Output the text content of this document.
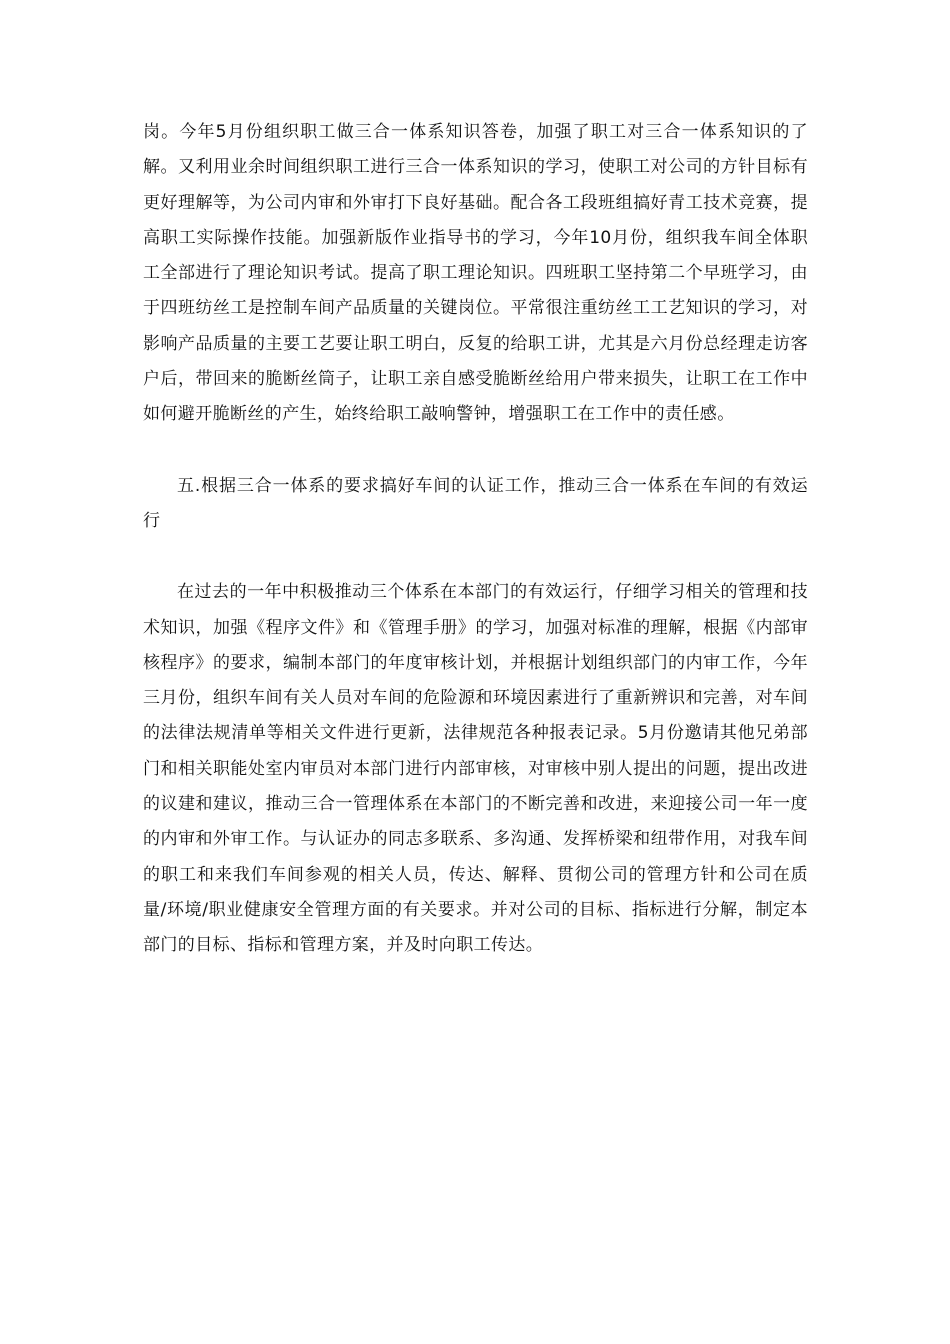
岗。今年5月份组织职工做三合一体系知识答卷，加强了职工对三合一体系知识的了解。又利用业余时间组织职工进行三合一体系知识的学习，使职工对公司的方针目标有更好理解等，为公司内审和外审打下良好基础。配合各工段班组搞好青工技术竞赛，提高职工实际操作技能。加强新版作业指导书的学习，今年10月份，组织我车间全体职工全部进行了理论知识考试。提高了职工理论知识。四班职工坚持第二个早班学习，由于四班纺丝工是控制车间产品质量的关键岗位。平常很注重纺丝工工艺知识的学习，对影响产品质量的主要工艺要让职工明白，反复的给职工讲，尤其是六月份总经理走访客户后，带回来的脆断丝筒子，让职工亲自感受脆断丝给用户带来损失，让职工在工作中如何避开脆断丝的产生，始终给职工敲响警钟，增强职工在工作中的责任感。

五.根据三合一体系的要求搞好车间的认证工作，推动三合一体系在车间的有效运行

在过去的一年中积极推动三个体系在本部门的有效运行，仔细学习相关的管理和技术知识，加强《程序文件》和《管理手册》的学习，加强对标准的理解，根据《内部审核程序》的要求，编制本部门的年度审核计划，并根据计划组织部门的内审工作，今年三月份，组织车间有关人员对车间的危险源和环境因素进行了重新辨识和完善，对车间的法律法规清单等相关文件进行更新，法律规范各种报表记录。5月份邀请其他兄弟部门和相关职能处室内审员对本部门进行内部审核，对审核中别人提出的问题，提出改进的议建和建议，推动三合一管理体系在本部门的不断完善和改进，来迎接公司一年一度的内审和外审工作。与认证办的同志多联系、多沟通、发挥桥梁和纽带作用，对我车间的职工和来我们车间参观的相关人员，传达、解释、贯彻公司的管理方针和公司在质量/环境/职业健康安全管理方面的有关要求。并对公司的目标、指标进行分解，制定本部门的目标、指标和管理方案，并及时向职工传达。
